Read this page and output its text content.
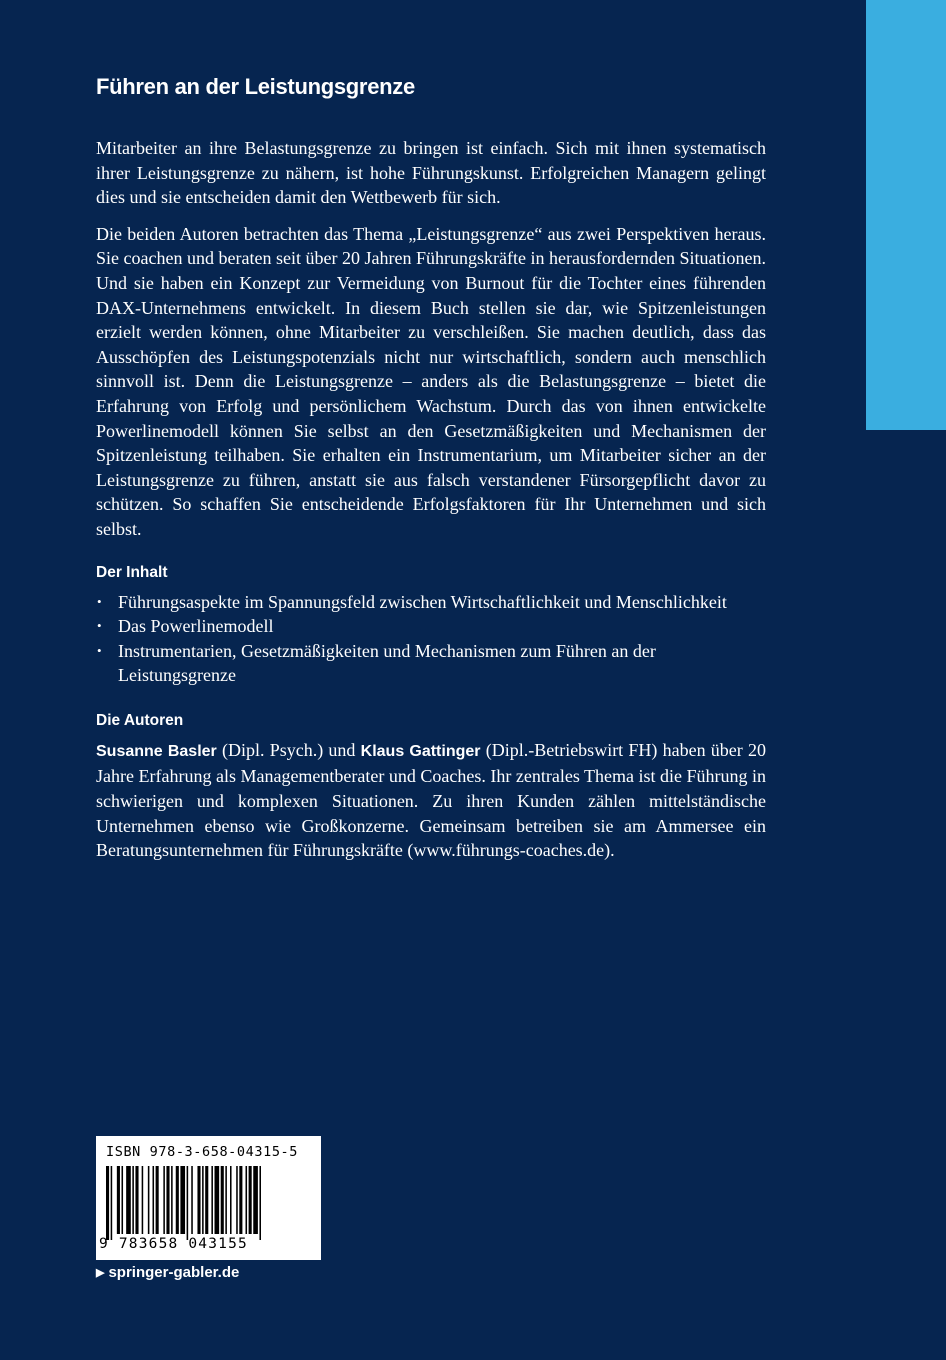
Führen an der Leistungsgrenze

Mitarbeiter an ihre Belastungsgrenze zu bringen ist einfach. Sich mit ihnen systematisch ihrer Leistungsgrenze zu nähern, ist hohe Führungskunst. Erfolgreichen Managern gelingt dies und sie entscheiden damit den Wettbewerb für sich.

Die beiden Autoren betrachten das Thema „Leistungsgrenze“ aus zwei Perspektiven heraus. Sie coachen und beraten seit über 20 Jahren Führungskräfte in herausfordernden Situationen. Und sie haben ein Konzept zur Vermeidung von Burnout für die Tochter eines führenden DAX-Unternehmens entwickelt. In diesem Buch stellen sie dar, wie Spitzenleistungen erzielt werden können, ohne Mitarbeiter zu verschleißen. Sie machen deutlich, dass das Ausschöpfen des Leistungspotenzials nicht nur wirtschaftlich, sondern auch menschlich sinnvoll ist. Denn die Leistungsgrenze – anders als die Belastungsgrenze – bietet die Erfahrung von Erfolg und persönlichem Wachstum. Durch das von ihnen entwickelte Powerlinemodell können Sie selbst an den Gesetzmäßigkeiten und Mechanismen der Spitzenleistung teilhaben. Sie erhalten ein Instrumentarium, um Mitarbeiter sicher an der Leistungsgrenze zu führen, anstatt sie aus falsch verstandener Fürsorgepflicht davor zu schützen. So schaffen Sie entscheidende Erfolgsfaktoren für Ihr Unternehmen und sich selbst.

Der Inhalt
• Führungsaspekte im Spannungsfeld zwischen Wirtschaftlichkeit und Menschlichkeit
• Das Powerlinemodell
• Instrumentarien, Gesetzmäßigkeiten und Mechanismen zum Führen an der Leistungsgrenze
Die Autoren

Susanne Basler (Dipl. Psych.) und Klaus Gattinger (Dipl.-Betriebswirt FH) haben über 20 Jahre Erfahrung als Managementberater und Coaches. Ihr zentrales Thema ist die Führung in schwierigen und komplexen Situationen. Zu ihren Kunden zählen mittelständische Unternehmen ebenso wie Großkonzerne. Gemeinsam betreiben sie am Ammersee ein Beratungsunternehmen für Führungskräfte (www.führungs-coaches.de).

ISBN 978-3-658-04315-5
9 783658 043155
▶ springer-gabler.de
